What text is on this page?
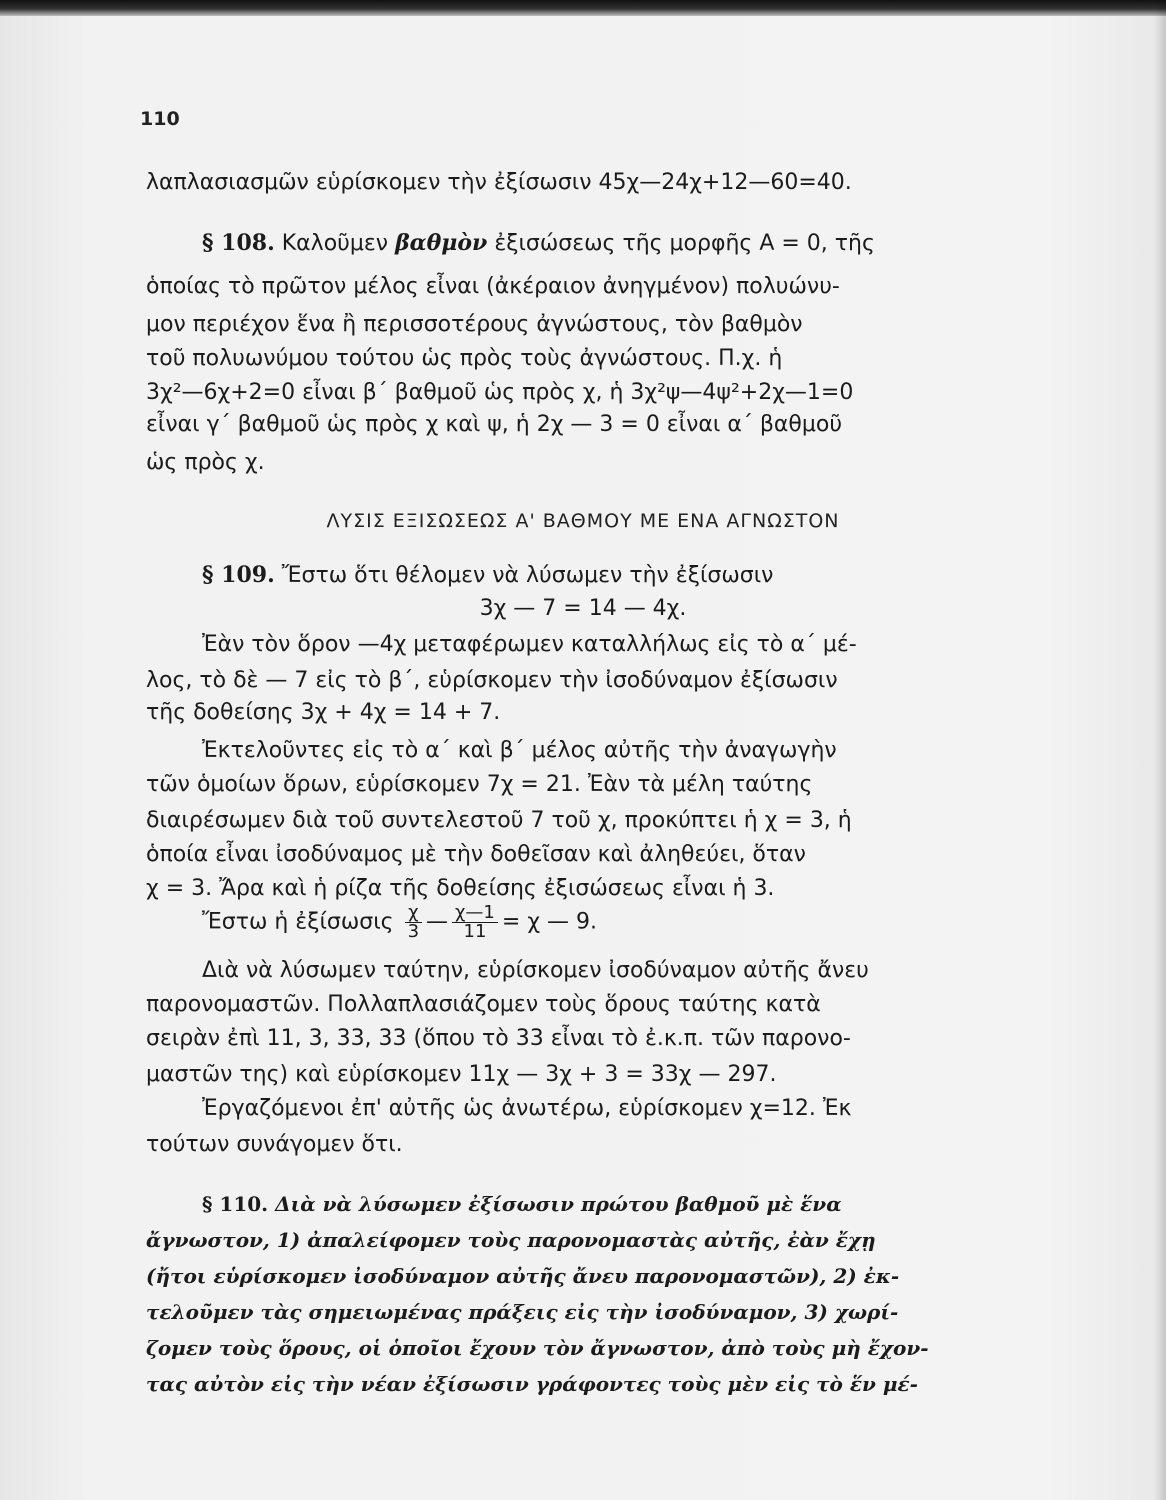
110
λαπλασιασμῶν εὑρίσκομεν τὴν ἐξίσωσιν 45χ—24χ+12—60=40.
§ 108. Καλοῦμεν βαθμὸν ἐξισώσεως τῆς μορφῆς Α = 0, τῆς
ὁποίας τὸ πρῶτον μέλος εἶναι (ἀκέραιον ἀνηγμένον) πολυώνυ-
μον περιέχον ἕνα ἢ περισσοτέρους ἀγνώστους, τὸν βαθμὸν
τοῦ πολυωνύμου τούτου ὡς πρὸς τοὺς ἀγνώστους. Π.χ. ἡ
3χ²—6χ+2=0 εἶναι β΄ βαθμοῦ ὡς πρὸς χ, ἡ 3χ²ψ—4ψ²+2χ—1=0
εἶναι γ΄ βαθμοῦ ὡς πρὸς χ καὶ ψ, ἡ 2χ — 3 = 0 εἶναι α΄ βαθμοῦ
ὡς πρὸς χ.
ΛΥΣΙΣ ΕΞΙΣΩΣΕΩΣ Α' ΒΑΘΜΟΥ ΜΕ ΕΝΑ ΑΓΝΩΣΤΟΝ
§ 109. Ἔστω ὅτι θέλομεν νὰ λύσωμεν τὴν ἐξίσωσιν
3χ — 7 = 14 — 4χ.
Ἐὰν τὸν ὅρον —4χ μεταφέρωμεν καταλλήλως εἰς τὸ α΄ μέ-
λος, τὸ δὲ — 7 εἰς τὸ β΄, εὑρίσκομεν τὴν ἰσοδύναμον ἐξίσωσιν
τῆς δοθείσης 3χ + 4χ = 14 + 7.
Ἐκτελοῦντες εἰς τὸ α΄ καὶ β΄ μέλος αὐτῆς τὴν ἀναγωγὴν
τῶν ὁμοίων ὅρων, εὑρίσκομεν 7χ = 21. Ἐὰν τὰ μέλη ταύτης
διαιρέσωμεν διὰ τοῦ συντελεστοῦ 7 τοῦ χ, προκύπτει ἡ χ = 3, ἡ
ὁποία εἶναι ἰσοδύναμος μὲ τὴν δοθεῖσαν καὶ ἀληθεύει, ὅταν
χ = 3. Ἄρα καὶ ἡ ρίζα τῆς δοθείσης ἐξισώσεως εἶναι ἡ 3.
Ἔστω ἡ ἐξίσωσις $\frac{\chi}{3}$ — $\frac{\chi—1}{11} = \chi$ — 9.
Διὰ νὰ λύσωμεν ταύτην, εὑρίσκομεν ἰσοδύναμον αὐτῆς ἄνευ
παρονομαστῶν. Πολλαπλασιάζομεν τοὺς ὅρους ταύτης κατὰ
σειρὰν ἐπὶ 11, 3, 33, 33 (ὅπου τὸ 33 εἶναι τὸ ἐ.κ.π. τῶν παρονο-
μαστῶν της) καὶ εὑρίσκομεν 11χ — 3χ + 3 = 33χ — 297.
Ἐργαζόμενοι ἐπ' αὐτῆς ὡς ἀνωτέρω, εὑρίσκομεν χ=12. Ἐκ
τούτων συνάγομεν ὅτι.
§ 110. Διὰ νὰ λύσωμεν ἐξίσωσιν πρώτου βαθμοῦ μὲ ἕνα
ἄγνωστον, 1) ἀπαλείφομεν τοὺς παρονομαστὰς αὐτῆς, ἐὰν ἔχῃ
(ἤτοι εὑρίσκομεν ἰσοδύναμον αὐτῆς ἄνευ παρονομαστῶν), 2) ἐκ-
τελοῦμεν τὰς σημειωμένας πράξεις εἰς τὴν ἰσοδύναμον, 3) χωρί-
ζομεν τοὺς ὅρους, οἱ ὁποῖοι ἔχουν τὸν ἄγνωστον, ἀπὸ τοὺς μὴ ἔχον-
τας αὐτὸν εἰς τὴν νέαν ἐξίσωσιν γράφοντες τοὺς μὲν εἰς τὸ ἕν μέ-
